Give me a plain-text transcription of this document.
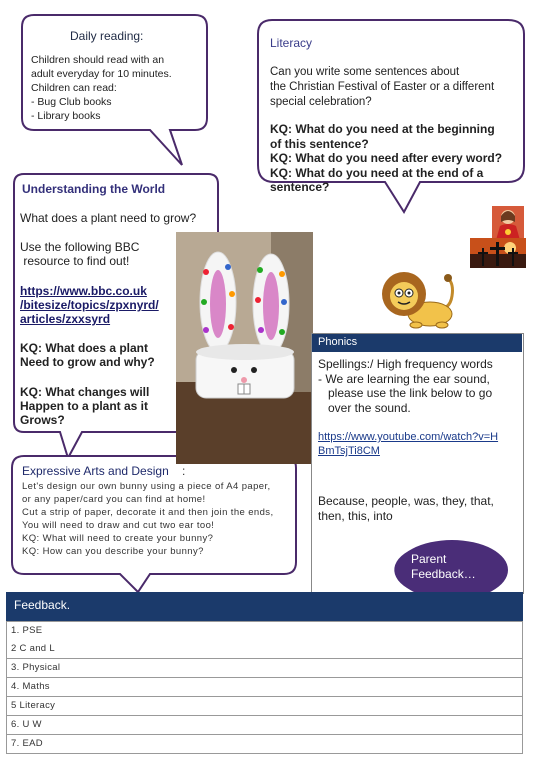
Daily reading:
Children should read with an
adult everyday for 10 minutes.
Children can read:
- Bug Club books
- Library books
Literacy
Can you write some sentences about
the Christian Festival of Easter or a different
special celebration?
KQ: What do you need at the beginning
of this sentence?
KQ: What do you need after every word?
KQ: What do you need at the end of a
sentence?
Understanding the World
What does a plant need to grow?
Use the following BBC
resource to find out!
https://www.bbc.co.uk
/bitesize/topics/zpxnyrd/
articles/zxxsyrd
KQ: What does a plant
Need to grow and why?
KQ: What changes will
Happen to a plant as it
Grows?
Expressive Arts and Design :
Let's design our own bunny using a piece of A4 paper,
or any paper/card you can find at home!
Cut a strip of paper, decorate it and then join the ends,
You will need to draw and cut two ear too!
KQ: What will need to create your bunny?
KQ: How can you describe your bunny?
Phonics
Spellings:/ High frequency words
- We are learning the ear sound,
please use the link below to go
over the sound.
https://www.youtube.com/watch?v=H
BmTsjTi8CM
Because, people, was, they, that,
then, this, into
Parent
Feedback…
Feedback.
1. PSE
2 C and L
3. Physical
4. Maths
5 Literacy
6. U W
7. EAD
